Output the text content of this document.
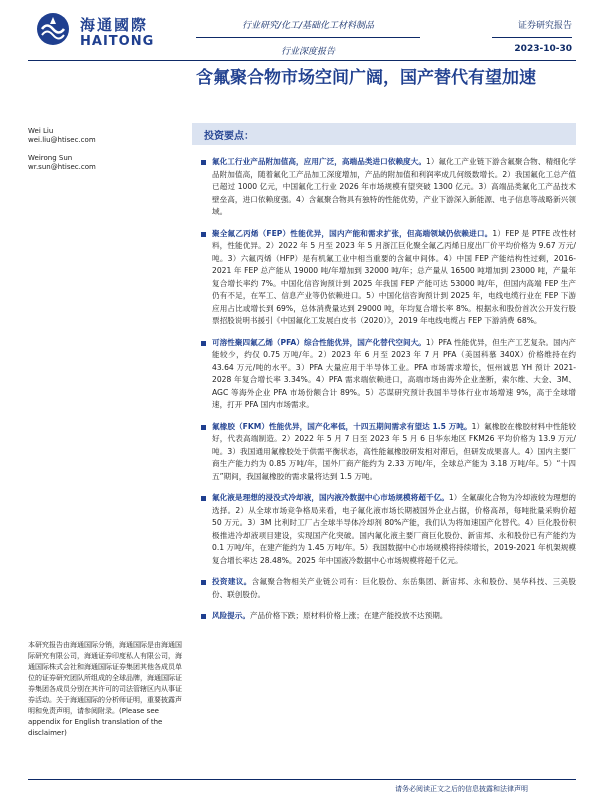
海通國際
HAITONG
行业研究/化工/基础化工材料制品
行业深度报告
证券研究报告
2023-10-30
含氟聚合物市场空间广阔，国产替代有望加速
Wei Liu
wei.liu@htisec.com
Weirong Sun
wr.sun@htisec.com
投资要点：
氟化工行业产品附加值高，应用广泛，高端品类进口依赖度大。1）氟化工产业链下游含氟聚合物、精细化学品附加值高，随着氟化工产品加工深度增加，产品的附加值和利润率成几何级数增长。2）我国氟化工总产值已超过 1000 亿元，中国氟化工行业 2026 年市场规模有望突破 1300 亿元。3）高端品类氟化工产品技术壁垒高，进口依赖度强。4）含氟聚合物具有独特的性能优势，产业下游深入新能源、电子信息等战略新兴领域。
聚全氟乙丙烯（FEP）性能优异，国内产能和需求扩张，但高端领域仍依赖进口。1）FEP 是 PTFE 改性材料，性能优异。2）2022 年 5 月至 2023 年 5 月浙江巨化聚全氟乙丙烯日度出厂价平均价格为 9.67 万元/吨。3）六氟丙烯（HFP）是有机氟工业中相当重要的含氟中间体。4）中国 FEP 产能结构性过剩，2016-2021 年 FEP 总产能从 19000 吨/年增加到 32000 吨/年；总产量从 16500 吨增加到 23000 吨，产量年复合增长率约 7%。中国化信咨询预计到 2025 年我国 FEP 产能可达 53000 吨/年，但国内高端 FEP 生产仍有不足，在军工、信息产业等仍依赖进口。5）中国化信咨询预计到 2025 年，电线电缆行业在 FEP 下游应用占比或增长到 69%，总体消费量达到 29000 吨，年均复合增长率 8%。根据永和股份首次公开发行股票招股说明书援引《中国氟化工发展白皮书（2020）》，2019 年电线电缆占 FEP 下游消费 68%。
可溶性聚四氟乙烯（PFA）综合性能优异，国产化替代空间大。1）PFA 性能优异，但生产工艺复杂。国内产能较少，约仅 0.75 万吨/年。2）2023 年 6 月至 2023 年 7 月 PFA（美国科慕 340X）价格维持在约 43.64 万元/吨的水平。3）PFA 大量应用于半导体工业。PFA 市场需求增长，恒州诚思 YH 预计 2021-2028 年复合增长率 3.34%。4）PFA 需求端依赖进口，高端市场由海外企业垄断，索尔维、大金、3M、AGC 等海外企业 PFA 市场份额合计 89%。5）芯谋研究预计我国半导体行业市场增速 9%，高于全球增速，打开 PFA 国内市场需求。
氟橡胶（FKM）性能优异，国产化率低，十四五期间需求有望达 1.5 万吨。1）氟橡胶在橡胶材料中性能较好，代表高端制造。2）2022 年 5 月 7 日至 2023 年 5 月 6 日华东地区 FKM26 平均价格为 13.9 万元/吨。3）我国通用氟橡胶处于供需平衡状态，高性能氟橡胶研发相对滞后，但研发成果喜人。4）国内主要厂商生产能力约为 0.85 万吨/年，国外厂商产能约为 2.33 万吨/年，全球总产能为 3.18 万吨/年。5）“十四五”期间，我国氟橡胶的需求量将达到 1.5 万吨。
氟化液是理想的浸没式冷却液，国内液冷数据中心市场规模将超千亿。1）全氟碳化合物为冷却液较为理想的选择。2）从全球市场竞争格局来看，电子氟化液市场长期被国外企业占据，价格高昂，每吨批量采购价超 50 万元。3）3M 比利时工厂占全球半导体冷却剂 80%产能，我们认为将加速国产化替代。4）巨化股份积极推进冷却液项目建设，实现国产化突破。国内氟化液主要厂商巨化股份、新宙邦、永和股份已有产能约为 0.1 万吨/年，在建产能约为 1.45 万吨/年。5）我国数据中心市场规模将持续增长，2019-2021 年机架规模复合增长率达 28.48%。2025 年中国液冷数据中心市场规模将超千亿元。
投资建议。含氟聚合物相关产业链公司有：巨化股份、东岳集团、新宙邦、永和股份、昊华科技、三美股份、联创股份。
风险提示。产品价格下跌；原材料价格上涨；在建产能投放不达预期。
本研究报告由海通国际分销，海通国际是由海通国际研究有限公司，海通证券印度私人有限公司，海通国际株式会社和海通国际证券集团其他各成员单位的证券研究团队所组成的全球品牌，海通国际证券集团各成员分别在其许可的司法管辖区内从事证券活动。关于海通国际的分析师证明，重要披露声明和免责声明，请参阅附录。(Please see appendix for English translation of the disclaimer)
请务必阅读正文之后的信息披露和法律声明
